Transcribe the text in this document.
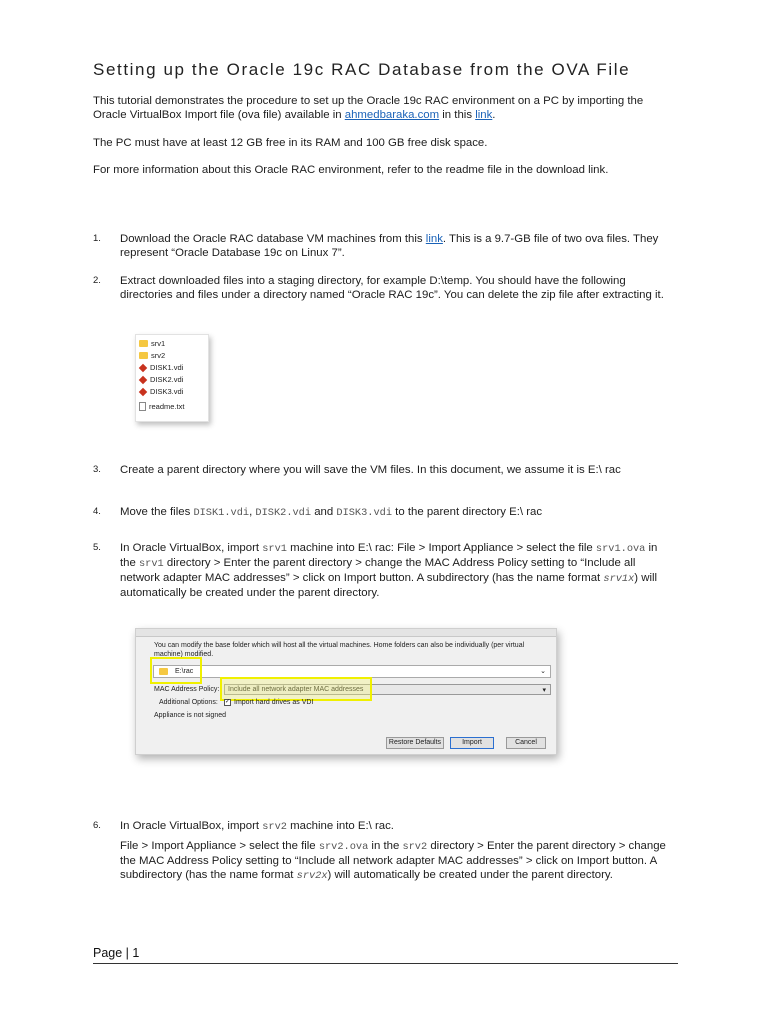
Setting up the Oracle 19c RAC Database from the OVA File
This tutorial demonstrates the procedure to set up the Oracle 19c RAC environment on a PC by importing the Oracle VirtualBox Import file (ova file) available in ahmedbaraka.com in this link.
The PC must have at least 12 GB free in its RAM and 100 GB free disk space.
For more information about this Oracle RAC environment, refer to the readme file in the download link.
1.	Download the Oracle RAC database VM machines from this link. This is a 9.7-GB file of two ova files. They represent “Oracle Database 19c on Linux 7”.
2.	Extract downloaded files into a staging directory, for example D:\temp. You should have the following directories and files under a directory named “Oracle RAC 19c”. You can delete the zip file after extracting it.
srv1
srv2
DISK1.vdi
DISK2.vdi
DISK3.vdi
readme.txt
3.	Create a parent directory where you will save the VM files. In this document, we assume it is E:\ rac
4.	Move the files DISK1.vdi, DISK2.vdi and DISK3.vdi to the parent directory E:\ rac
5.	In Oracle VirtualBox, import srv1 machine into E:\ rac: File > Import Appliance > select the file srv1.ova in the srv1 directory > Enter the parent directory > change the MAC Address Policy setting to “Include all network adapter MAC addresses” > click on Import button. A subdirectory (has the name format srv1x) will automatically be created under the parent directory.
You can modify the base folder which will host all the virtual machines. Home folders can also be individually (per virtual machine) modified.
E:\rac	⌄
MAC Address Policy:	Include all network adapter MAC addresses	▾
Additional Options: ✓ Import hard drives as VDI
Appliance is not signed
Restore Defaults	Import	Cancel
6.	In Oracle VirtualBox, import srv2 machine into E:\ rac.
File > Import Appliance > select the file srv2.ova in the srv2 directory > Enter the parent directory > change the MAC Address Policy setting to “Include all network adapter MAC addresses” > click on Import button. A subdirectory (has the name format srv2x) will automatically be created under the parent directory.
Page | 1
